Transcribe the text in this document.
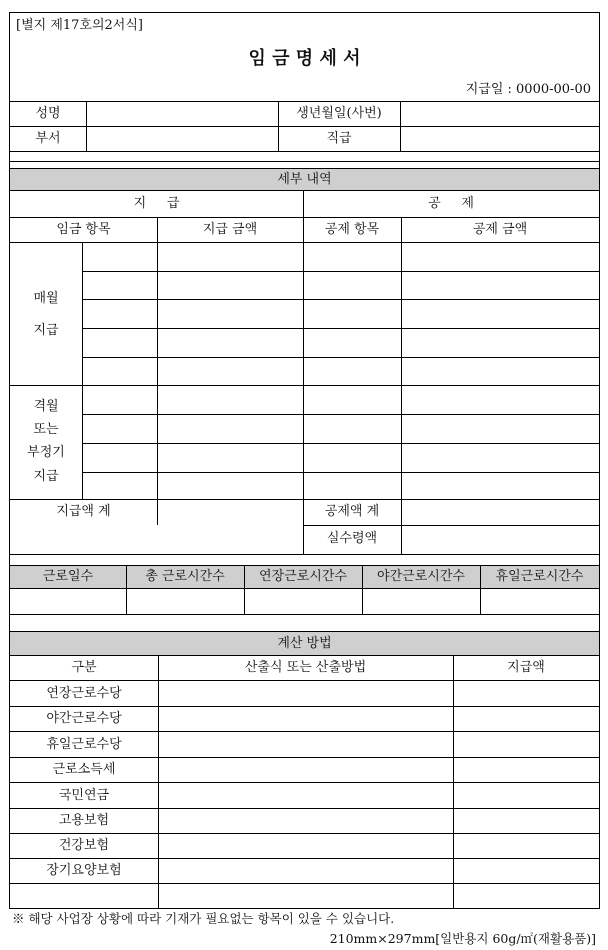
[별지 제17호의2서식]
임 금 명 세 서
지급일 : 0000-00-00
성명	생년월일(사번)
부서	직급
세부 내역
지     급	공     제
임금 항목	지급 금액	공제 항목	공제 금액
매월
지급
격월
또는
부정기
지급
지급액 계	공제액 계
실수령액
근로일수	총 근로시간수	연장근로시간수	야간근로시간수	휴일근로시간수
계산 방법
구분	산출식 또는 산출방법	지급액
연장근로수당
야간근로수당
휴일근로수당
근로소득세
국민연금
고용보험
건강보험
장기요양보험
※ 해당 사업장 상황에 따라 기재가 필요없는 항목이 있을 수 있습니다.
210mm×297mm[일반용지 60g/㎡(재활용품)]
